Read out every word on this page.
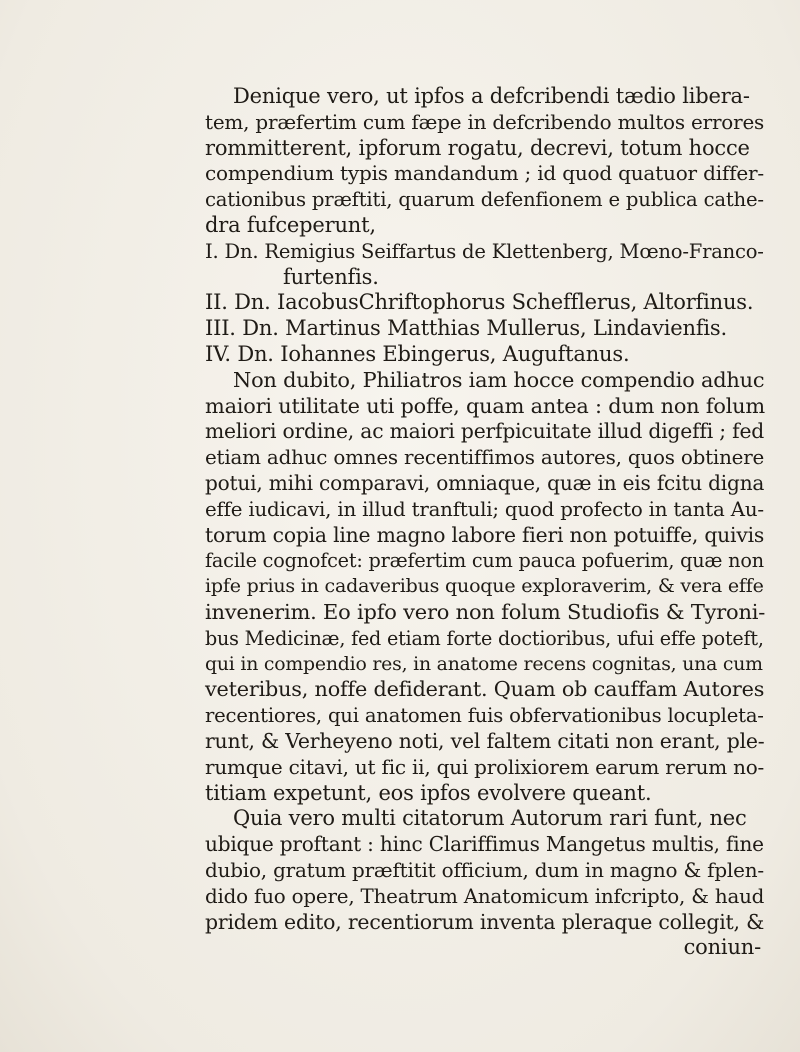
Denique vero, ut ipfos a defcribendi tædio libera-
tem, præfertim cum fæpe in defcribendo multos errores
rommitterent, ipforum rogatu, decrevi, totum hocce
compendium typis mandandum ; id quod quatuor differ-
cationibus præftiti, quarum defenfionem e publica cathe-
dra fufceperunt,
I. Dn. Remigius Seiffartus de Klettenberg, Mœno-Franco-
furtenfis.
II. Dn. IacobusChriftophorus Schefflerus, Altorfinus.
III. Dn. Martinus Matthias Mullerus, Lindavienfis.
IV. Dn. Iohannes Ebingerus, Auguftanus.
Non dubito, Philiatros iam hocce compendio adhuc
maiori utilitate uti poffe, quam antea : dum non folum
meliori ordine, ac maiori perfpicuitate illud digeffi ; fed
etiam adhuc omnes recentiffimos autores, quos obtinere
potui, mihi comparavi, omniaque, quæ in eis fcitu digna
effe iudicavi, in illud tranftuli; quod profecto in tanta Au-
torum copia line magno labore fieri non potuiffe, quivis
facile cognofcet: præfertim cum pauca pofuerim, quæ non
ipfe prius in cadaveribus quoque exploraverim, & vera effe
invenerim. Eo ipfo vero non folum Studiofis & Tyroni-
bus Medicinæ, fed etiam forte doctioribus, ufui effe poteft,
qui in compendio res, in anatome recens cognitas, una cum
veteribus, noffe defiderant. Quam ob cauffam Autores
recentiores, qui anatomen fuis obfervationibus locupleta-
runt, & Verheyeno noti, vel faltem citati non erant, ple-
rumque citavi, ut fic ii, qui prolixiorem earum rerum no-
titiam expetunt, eos ipfos evolvere queant.
Quia vero multi citatorum Autorum rari funt, nec
ubique proftant : hinc Clariffimus Mangetus multis, fine
dubio, gratum præftitit officium, dum in magno & fplen-
dido fuo opere, Theatrum Anatomicum infcripto, & haud
pridem edito, recentiorum inventa pleraque collegit, &
coniun-
